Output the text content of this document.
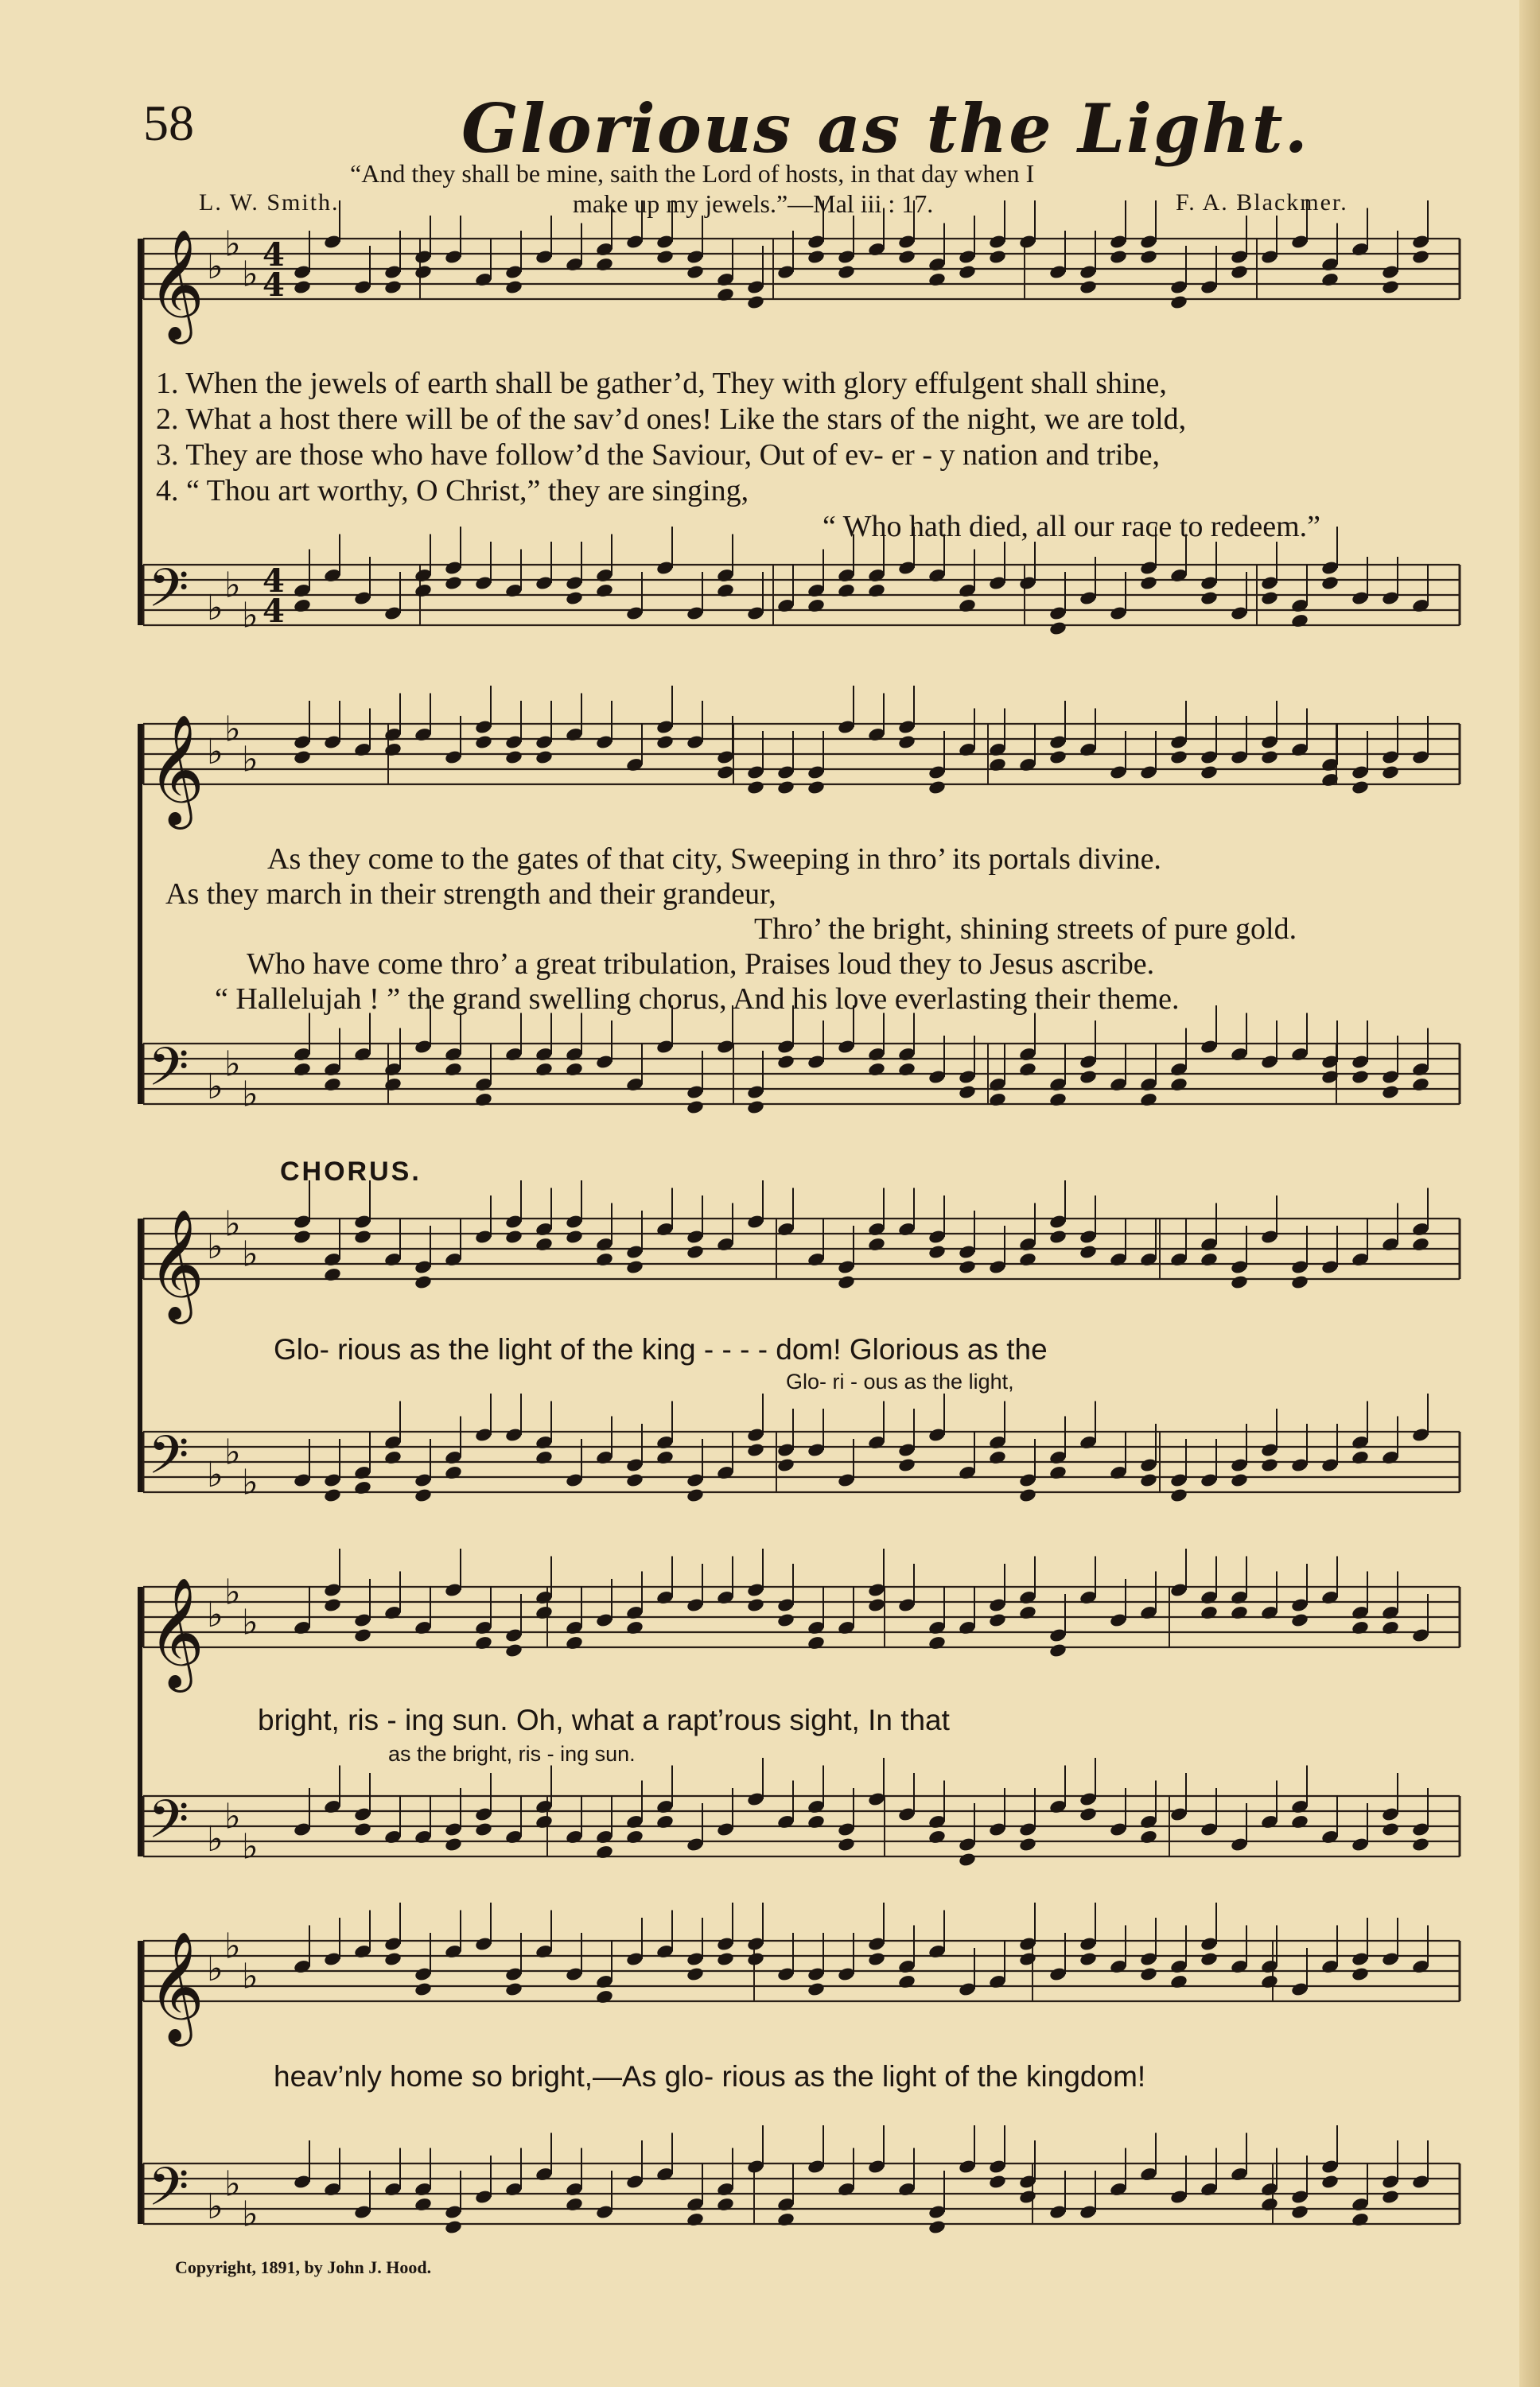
58	Glorious as the Light.
“And they shall be mine, saith the Lord of hosts, in that day when I
L. W. Smith.	make up my jewels.”—Mal iii : 17.	F. A. Blackmer.
𝄞 ♭
♭
♭
𝄢 ♭
♭
♭
𝄞 ♭
♭
♭
𝄢 ♭
♭
♭
𝄞 ♭
♭
♭
𝄢 ♭
♭
♭
𝄞 ♭
♭
♭
𝄢 ♭
♭
♭
𝄞 ♭
♭
♭
𝄢 ♭
♭
♭
4
4
4
4
1. When the jewels of earth shall be gather’d, They with glory effulgent shall shine,
2. What a host there will be of the sav’d ones! Like the stars of the night, we are told,
3. They are those who have follow’d the Saviour, Out of ev- er - y nation and tribe,
4. “ Thou art worthy, O Christ,” they are singing,
“ Who hath died, all our race to redeem.”
As they come to the gates of that city, Sweeping in thro’ its portals divine.
As they march in their strength and their grandeur,
Thro’ the bright, shining streets of pure gold.
Who have come thro’ a great tribulation, Praises loud they to Jesus ascribe.
“ Hallelujah ! ” the grand swelling chorus, And his love everlasting their theme.
CHORUS.
Glo- rious as the light of the king - - - - dom! Glorious as the
Glo- ri - ous as the light,
bright, ris - ing sun. Oh, what a rapt’rous sight, In that
as the bright, ris - ing sun.
heav’nly home so bright,—As glo- rious as the light of the kingdom!
Copyright, 1891, by John J. Hood.
